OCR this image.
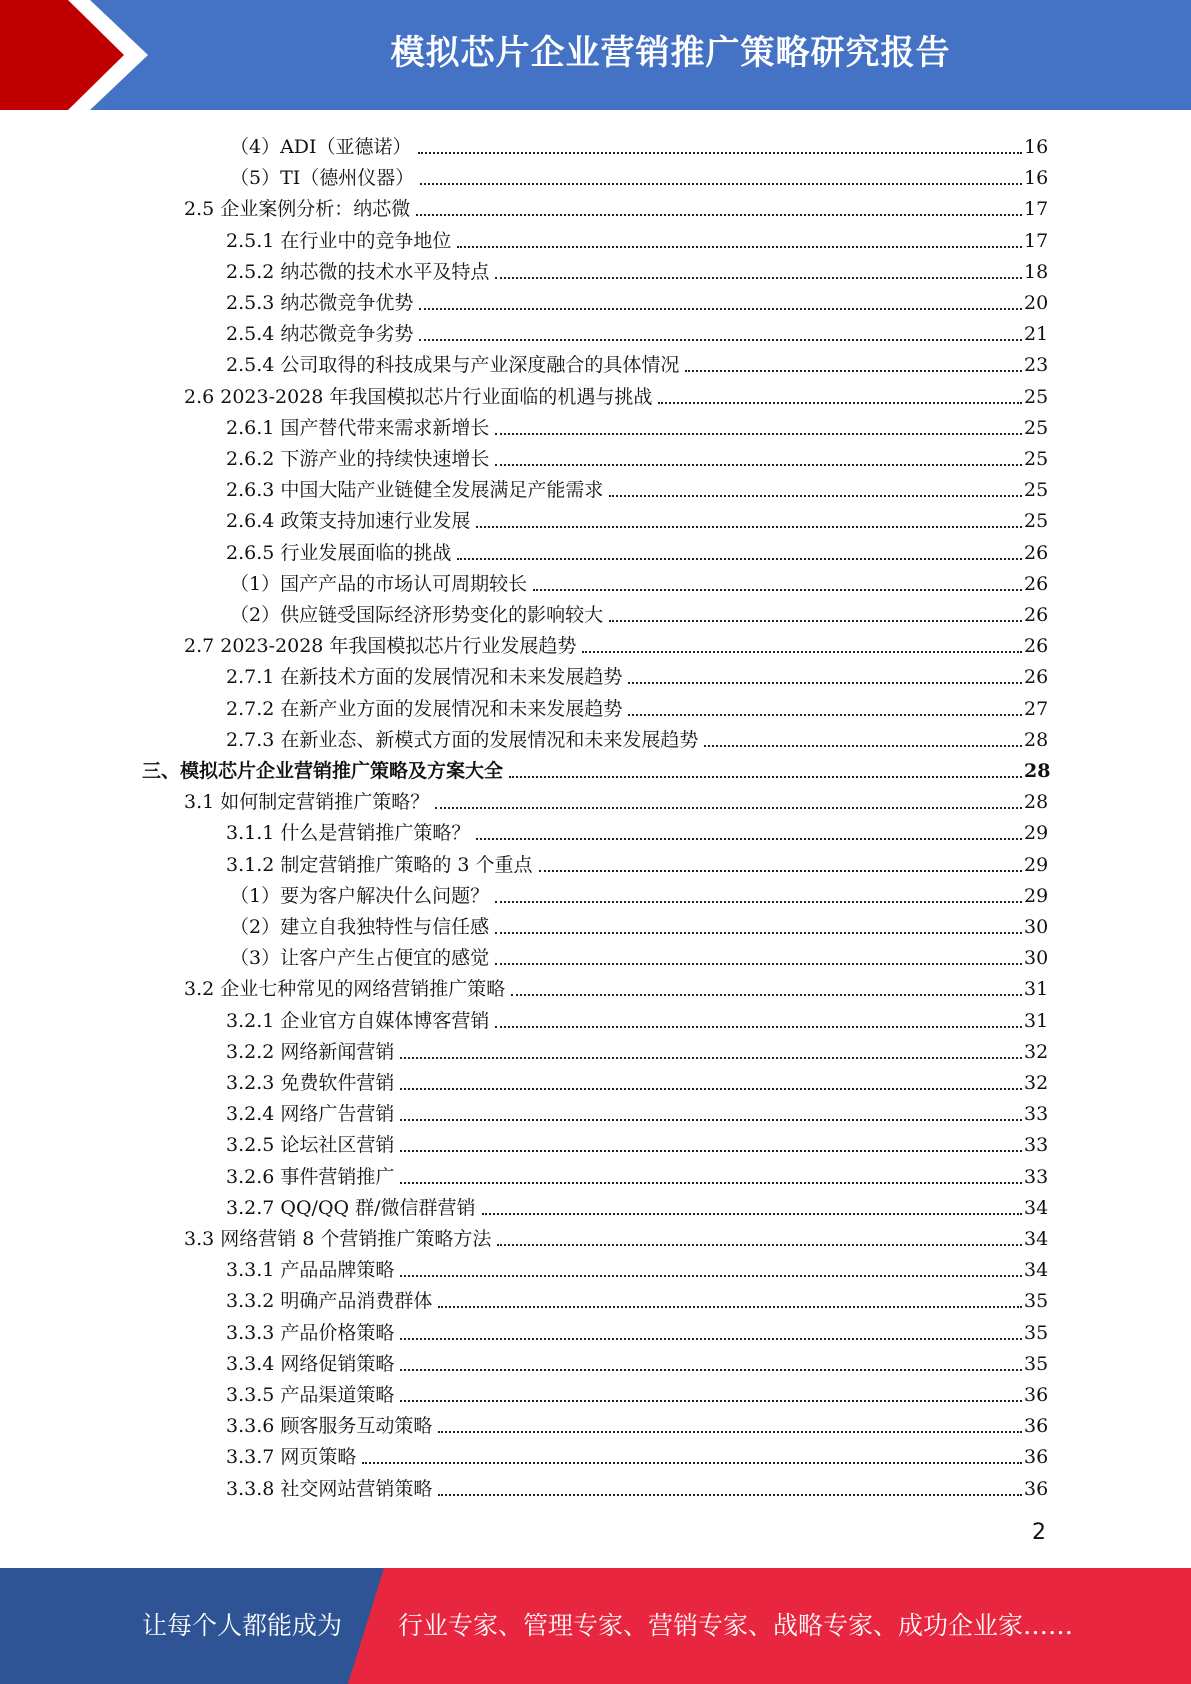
模拟芯片企业营销推广策略研究报告
（4）ADI（亚德诺）	16
（5）TI（德州仪器）	16
2.5 企业案例分析：纳芯微	17
2.5.1 在行业中的竞争地位	17
2.5.2 纳芯微的技术水平及特点	18
2.5.3 纳芯微竞争优势	20
2.5.4 纳芯微竞争劣势	21
2.5.4 公司取得的科技成果与产业深度融合的具体情况	23
2.6 2023-2028 年我国模拟芯片行业面临的机遇与挑战	25
2.6.1 国产替代带来需求新增长	25
2.6.2 下游产业的持续快速增长	25
2.6.3 中国大陆产业链健全发展满足产能需求	25
2.6.4 政策支持加速行业发展	25
2.6.5 行业发展面临的挑战	26
（1）国产产品的市场认可周期较长	26
（2）供应链受国际经济形势变化的影响较大	26
2.7 2023-2028 年我国模拟芯片行业发展趋势	26
2.7.1 在新技术方面的发展情况和未来发展趋势	26
2.7.2 在新产业方面的发展情况和未来发展趋势	27
2.7.3 在新业态、新模式方面的发展情况和未来发展趋势	28
三、模拟芯片企业营销推广策略及方案大全	28
3.1 如何制定营销推广策略？	28
3.1.1 什么是营销推广策略？	29
3.1.2 制定营销推广策略的 3 个重点	29
（1）要为客户解决什么问题？	29
（2）建立自我独特性与信任感	30
（3）让客户产生占便宜的感觉	30
3.2 企业七种常见的网络营销推广策略	31
3.2.1 企业官方自媒体博客营销	31
3.2.2 网络新闻营销	32
3.2.3 免费软件营销	32
3.2.4 网络广告营销	33
3.2.5 论坛社区营销	33
3.2.6 事件营销推广	33
3.2.7 QQ/QQ 群/微信群营销	34
3.3 网络营销 8 个营销推广策略方法	34
3.3.1 产品品牌策略	34
3.3.2 明确产品消费群体	35
3.3.3 产品价格策略	35
3.3.4 网络促销策略	35
3.3.5 产品渠道策略	36
3.3.6 顾客服务互动策略	36
3.3.7 网页策略	36
3.3.8 社交网站营销策略	36
2
让每个人都能成为 行业专家、管理专家、营销专家、战略专家、成功企业家……
